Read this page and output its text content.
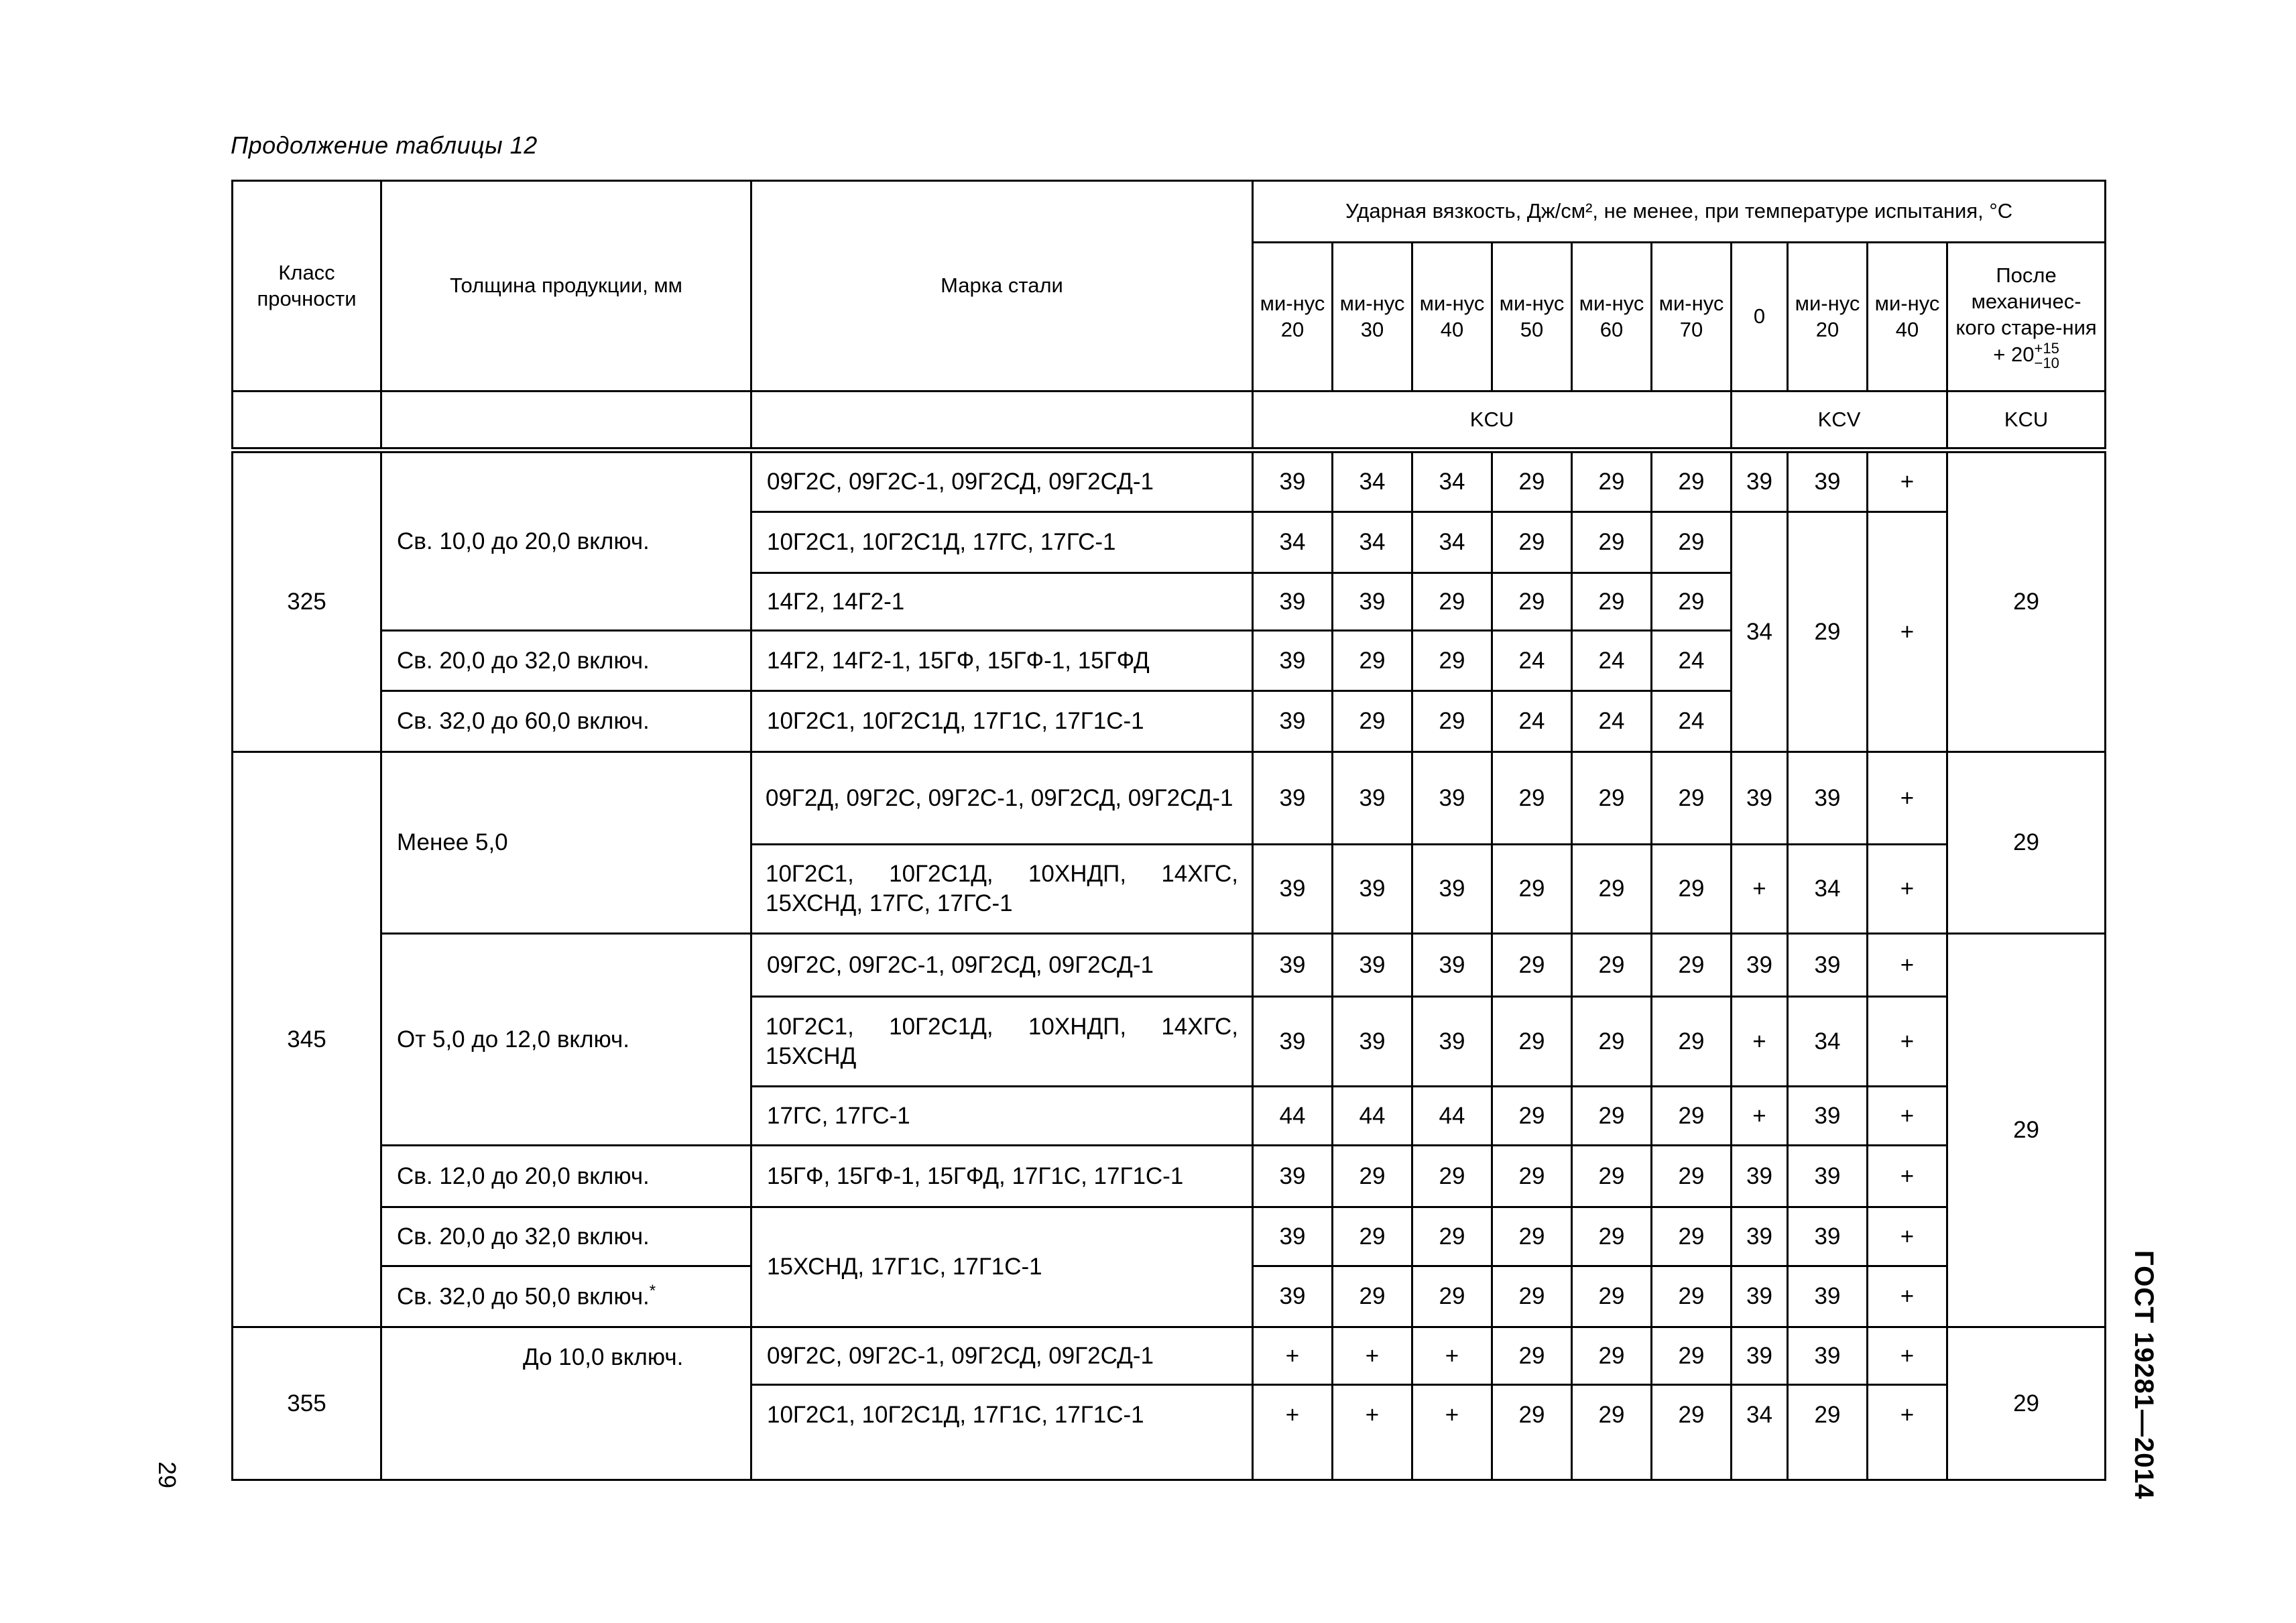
Продолжение таблицы 12
Класс прочности	Толщина продукции, мм	Марка стали	Ударная вязкость, Дж/см², не менее, при температуре испытания, °С									
			ми-нус 20	ми-нус 30	ми-нус 40	ми-нус 50	ми-нус 60	ми-нус 70	0	ми-нус 20	ми-нус 40	После механичес-кого старе-ния + 20+15
−10
			KCU						KCV			KCU
325	Св. 10,0 до 20,0 включ.	09Г2С, 09Г2С-1, 09Г2СД, 09Г2СД-1	39	34	34	29	29	29	39	39	+	29
		10Г2С1, 10Г2С1Д, 17ГС, 17ГС-1	34	34	34	29	29	29	34	29	+	
		14Г2, 14Г2-1	39	39	29	29	29	29				
	Св. 20,0 до 32,0 включ.	14Г2, 14Г2-1, 15ГФ, 15ГФ-1, 15ГФД	39	29	29	24	24	24				
	Св. 32,0 до 60,0 включ.	10Г2С1, 10Г2С1Д, 17Г1С, 17Г1С-1	39	29	29	24	24	24				
345	Менее 5,0	09Г2Д, 09Г2С, 09Г2С-1, 09Г2СД, 09Г2СД-1	39	39	39	29	29	29	39	39	+	29
		10Г2С1, 10Г2С1Д, 10ХНДП, 14ХГС, 15ХСНД, 17ГС, 17ГС-1	39	39	39	29	29	29	+	34	+	
	От 5,0 до 12,0 включ.	09Г2С, 09Г2С-1, 09Г2СД, 09Г2СД-1	39	39	39	29	29	29	39	39	+	29
		10Г2С1, 10Г2С1Д, 10ХНДП, 14ХГС, 15ХСНД	39	39	39	29	29	29	+	34	+	
		17ГС, 17ГС-1	44	44	44	29	29	29	+	39	+	
	Св. 12,0 до 20,0 включ.	15ГФ, 15ГФ-1, 15ГФД, 17Г1С, 17Г1С-1	39	29	29	29	29	29	39	39	+	
	Св. 20,0 до 32,0 включ.	15ХСНД, 17Г1С, 17Г1С-1	39	29	29	29	29	29	39	39	+	
	Св. 32,0 до 50,0 включ.*		39	29	29	29	29	29	39	39	+	
355	До 10,0 включ.	09Г2С, 09Г2С-1, 09Г2СД, 09Г2СД-1	+	+	+	29	29	29	39	39	+	29
		10Г2С1, 10Г2С1Д, 17Г1С, 17Г1С-1	+	+	+	29	29	29	34	29	+	
29	ГОСТ 19281—2014
